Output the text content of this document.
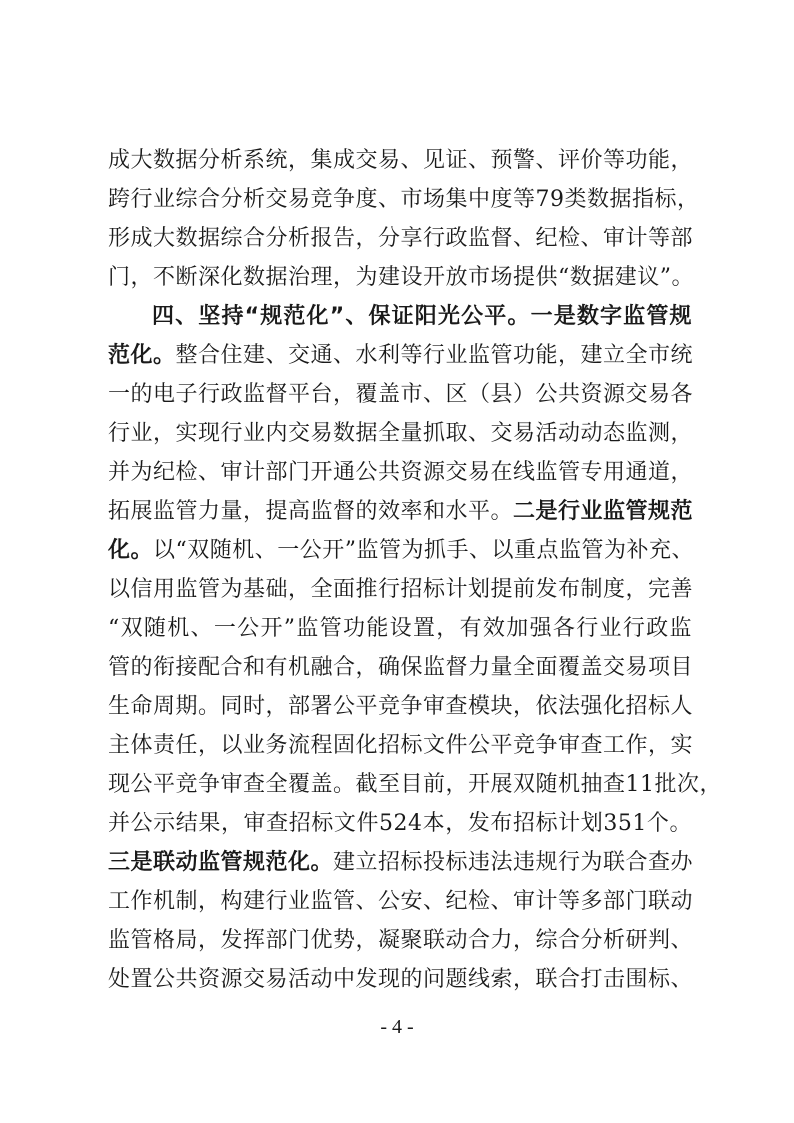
成大数据分析系统，集成交易、见证、预警、评价等功能，
跨行业综合分析交易竞争度、市场集中度等79类数据指标，
形成大数据综合分析报告，分享行政监督、纪检、审计等部
门，不断深化数据治理，为建设开放市场提供“数据建议”。
四、坚持“规范化”、保证阳光公平。一是数字监管规
范化。整合住建、交通、水利等行业监管功能，建立全市统
一的电子行政监督平台，覆盖市、区（县）公共资源交易各
行业，实现行业内交易数据全量抓取、交易活动动态监测，
并为纪检、审计部门开通公共资源交易在线监管专用通道，
拓展监管力量，提高监督的效率和水平。二是行业监管规范
化。以“双随机、一公开”监管为抓手、以重点监管为补充、
以信用监管为基础，全面推行招标计划提前发布制度，完善
“双随机、一公开”监管功能设置，有效加强各行业行政监
管的衔接配合和有机融合，确保监督力量全面覆盖交易项目
生命周期。同时，部署公平竞争审查模块，依法强化招标人
主体责任，以业务流程固化招标文件公平竞争审查工作，实
现公平竞争审查全覆盖。截至目前，开展双随机抽查11批次，
并公示结果，审查招标文件524本，发布招标计划351个。
三是联动监管规范化。建立招标投标违法违规行为联合查办
工作机制，构建行业监管、公安、纪检、审计等多部门联动
监管格局，发挥部门优势，凝聚联动合力，综合分析研判、
处置公共资源交易活动中发现的问题线索，联合打击围标、
- 4 -
